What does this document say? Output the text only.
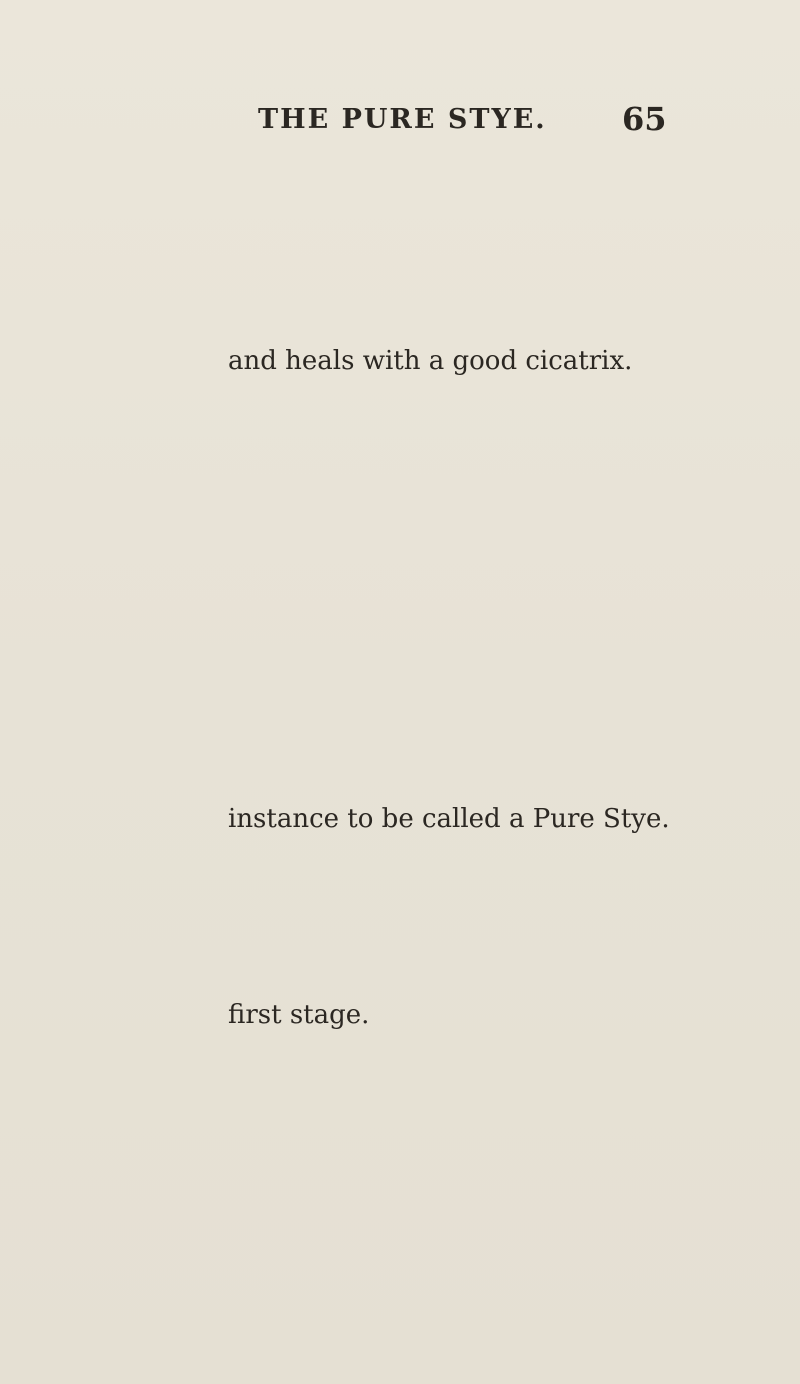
THE PURE STYE. 65
and heals with a good cicatrix.
instance to be called a Pure Stye.
first stage.
